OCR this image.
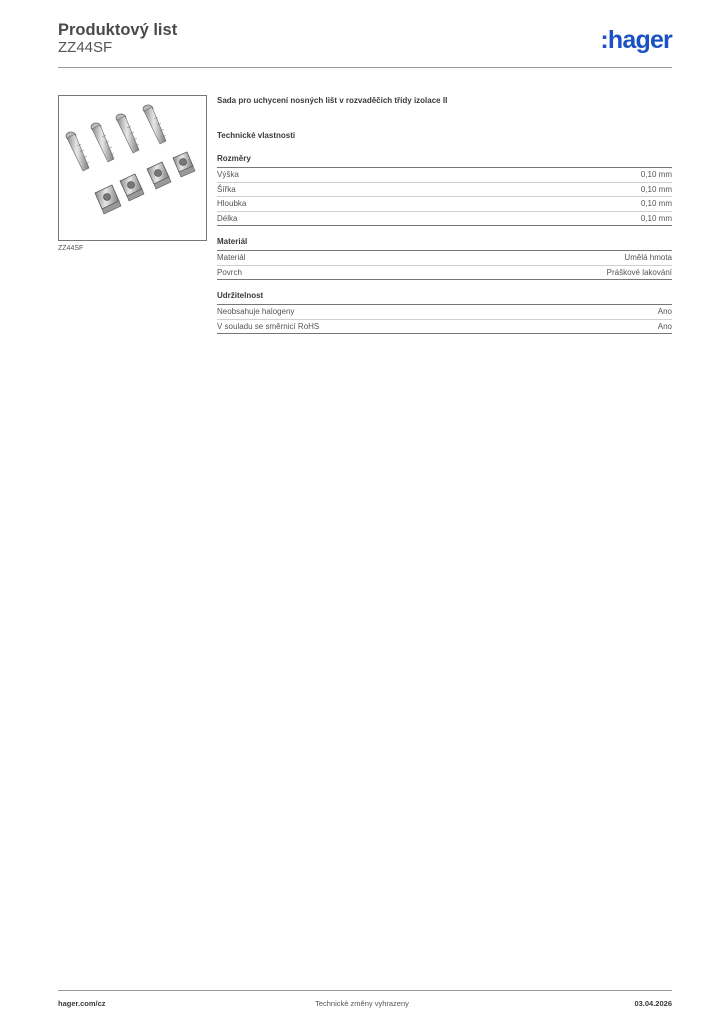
Produktový list
ZZ44SF	:hager
ZZ44SF
Sada pro uchycení nosných lišt v rozvaděčích třídy izolace II
Technické vlastnosti
Rozměry
Výška	0,10 mm
Šířka	0,10 mm
Hloubka	0,10 mm
Délka	0,10 mm
Materiál
Materiál	Umělá hmota
Povrch	Práškové lakování
Udržitelnost
Neobsahuje halogeny	Ano
V souladu se směrnicí RoHS	Ano
hager.com/cz	Technické změny vyhrazeny	03.04.2026
